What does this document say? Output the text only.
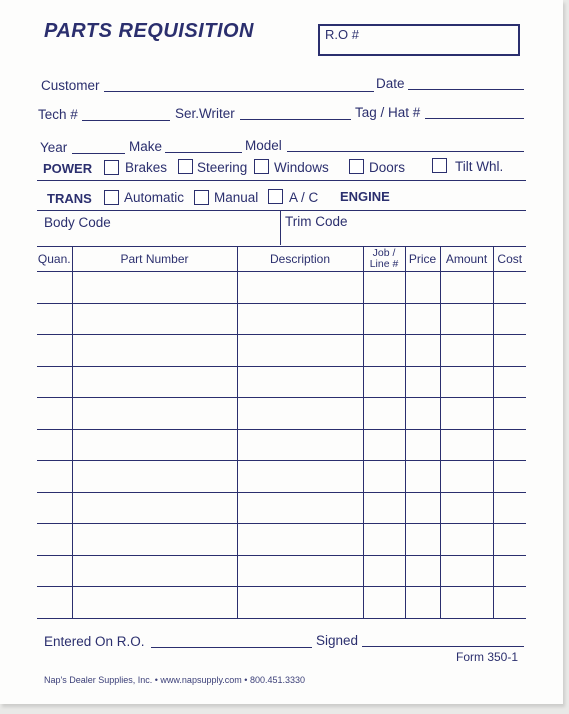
PARTS REQUISITION	R.O #
Customer	Date
Tech #	Ser.Writer	Tag / Hat #
Year	Make	Model
POWER Brakes Steering Windows	Doors	Tilt Whl.
TRANS Automatic Manual A / C ENGINE
Body Code	Trim Code
Quan.	Part Number	Description	Job / Line #	Price	Amount	Cost

Entered On R.O.	Signed
Form 350-1
Nap's Dealer Supplies, Inc. • www.napsupply.com • 800.451.3330
